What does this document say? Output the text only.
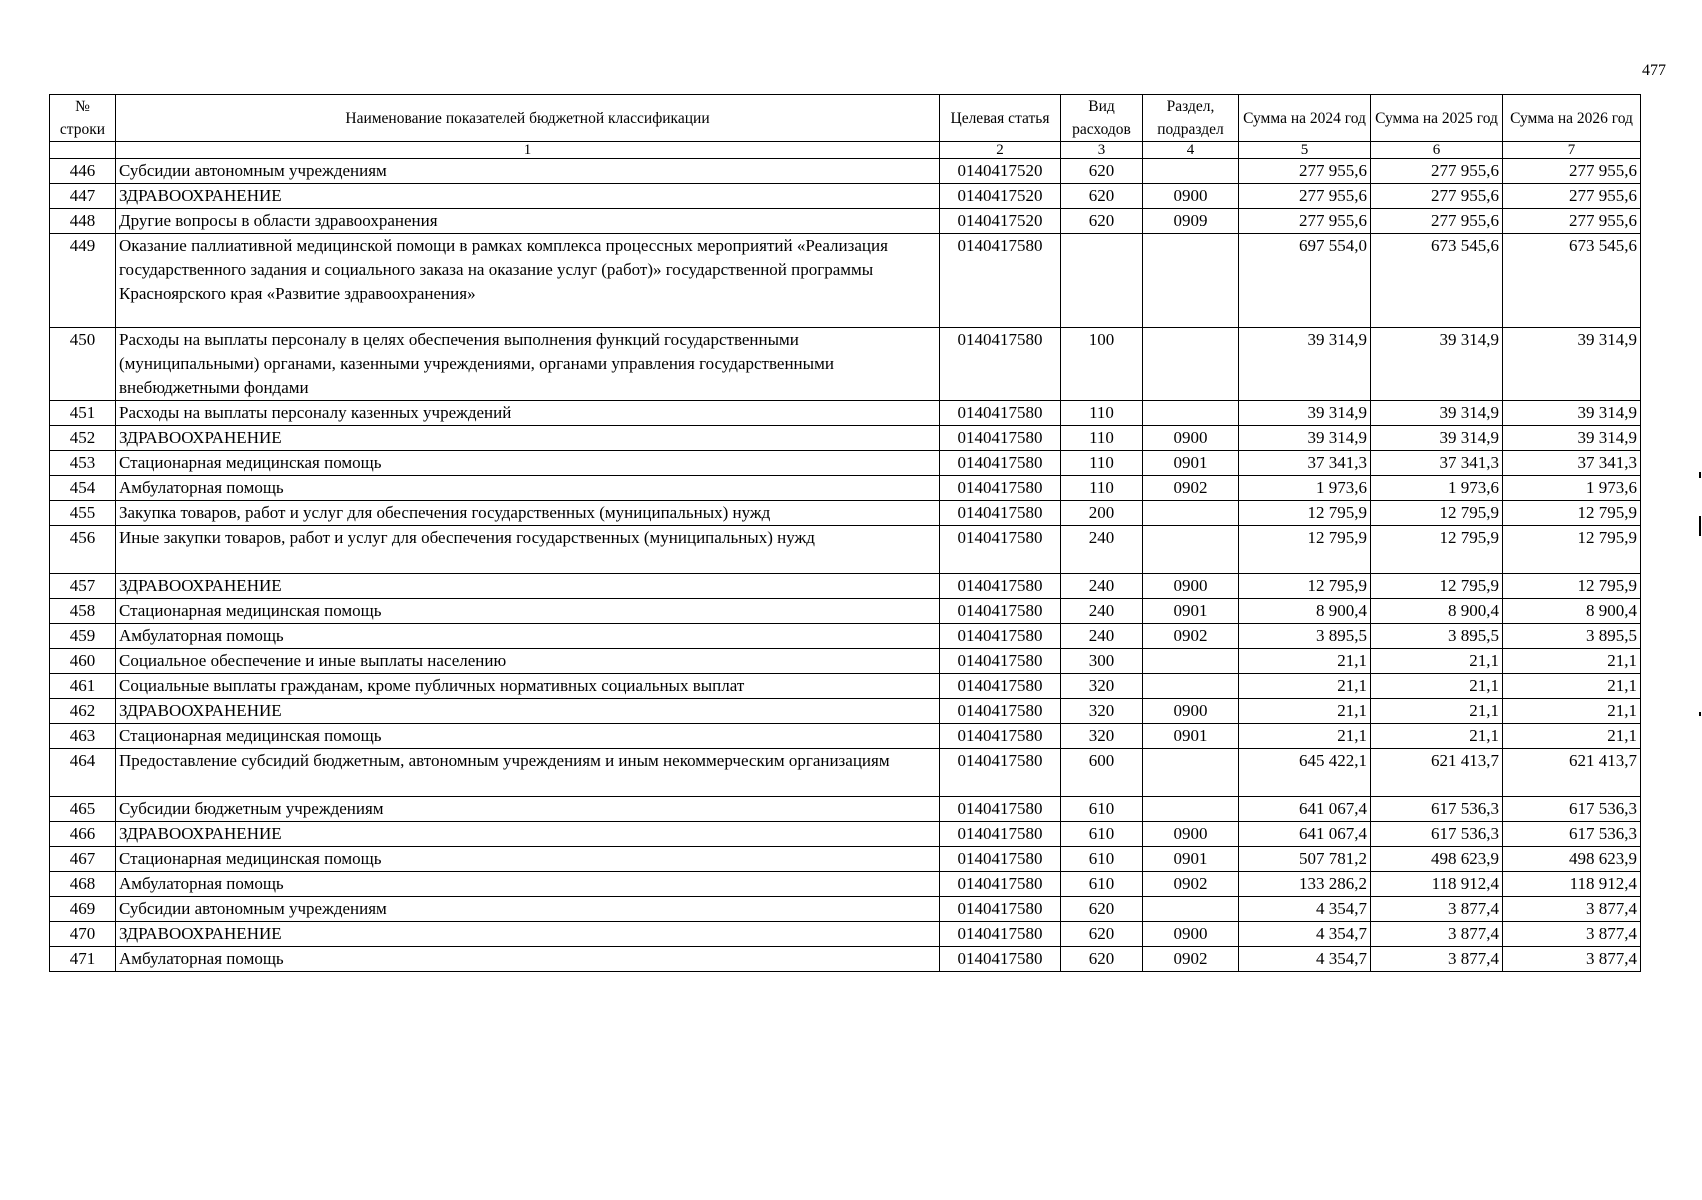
477
№ строки	Наименование показателей бюджетной классификации	Целевая статья	Вид расходов	Раздел, подраздел	Сумма на 2024 год	Сумма на 2025 год	Сумма на 2026 год
	1	2	3	4	5	6	7
446	Субсидии автономным учреждениям	0140417520	620		277 955,6	277 955,6	277 955,6
447	ЗДРАВООХРАНЕНИЕ	0140417520	620	0900	277 955,6	277 955,6	277 955,6
448	Другие вопросы в области здравоохранения	0140417520	620	0909	277 955,6	277 955,6	277 955,6
449	Оказание паллиативной медицинской помощи в рамках комплекса процессных мероприятий «Реализация государственного задания и социального заказа на оказание услуг (работ)» государственной программы Красноярского края «Развитие здравоохранения»	0140417580			697 554,0	673 545,6	673 545,6
450	Расходы на выплаты персоналу в целях обеспечения выполнения функций государственными (муниципальными) органами, казенными учреждениями, органами управления государственными внебюджетными фондами	0140417580	100		39 314,9	39 314,9	39 314,9
451	Расходы на выплаты персоналу казенных учреждений	0140417580	110		39 314,9	39 314,9	39 314,9
452	ЗДРАВООХРАНЕНИЕ	0140417580	110	0900	39 314,9	39 314,9	39 314,9
453	Стационарная медицинская помощь	0140417580	110	0901	37 341,3	37 341,3	37 341,3
454	Амбулаторная помощь	0140417580	110	0902	1 973,6	1 973,6	1 973,6
455	Закупка товаров, работ и услуг для обеспечения государственных (муниципальных) нужд	0140417580	200		12 795,9	12 795,9	12 795,9
456	Иные закупки товаров, работ и услуг для обеспечения государственных (муниципальных) нужд	0140417580	240		12 795,9	12 795,9	12 795,9
457	ЗДРАВООХРАНЕНИЕ	0140417580	240	0900	12 795,9	12 795,9	12 795,9
458	Стационарная медицинская помощь	0140417580	240	0901	8 900,4	8 900,4	8 900,4
459	Амбулаторная помощь	0140417580	240	0902	3 895,5	3 895,5	3 895,5
460	Социальное обеспечение и иные выплаты населению	0140417580	300		21,1	21,1	21,1
461	Социальные выплаты гражданам, кроме публичных нормативных социальных выплат	0140417580	320		21,1	21,1	21,1
462	ЗДРАВООХРАНЕНИЕ	0140417580	320	0900	21,1	21,1	21,1
463	Стационарная медицинская помощь	0140417580	320	0901	21,1	21,1	21,1
464	Предоставление субсидий бюджетным, автономным учреждениям и иным некоммерческим организациям	0140417580	600		645 422,1	621 413,7	621 413,7
465	Субсидии бюджетным учреждениям	0140417580	610		641 067,4	617 536,3	617 536,3
466	ЗДРАВООХРАНЕНИЕ	0140417580	610	0900	641 067,4	617 536,3	617 536,3
467	Стационарная медицинская помощь	0140417580	610	0901	507 781,2	498 623,9	498 623,9
468	Амбулаторная помощь	0140417580	610	0902	133 286,2	118 912,4	118 912,4
469	Субсидии автономным учреждениям	0140417580	620		4 354,7	3 877,4	3 877,4
470	ЗДРАВООХРАНЕНИЕ	0140417580	620	0900	4 354,7	3 877,4	3 877,4
471	Амбулаторная помощь	0140417580	620	0902	4 354,7	3 877,4	3 877,4
